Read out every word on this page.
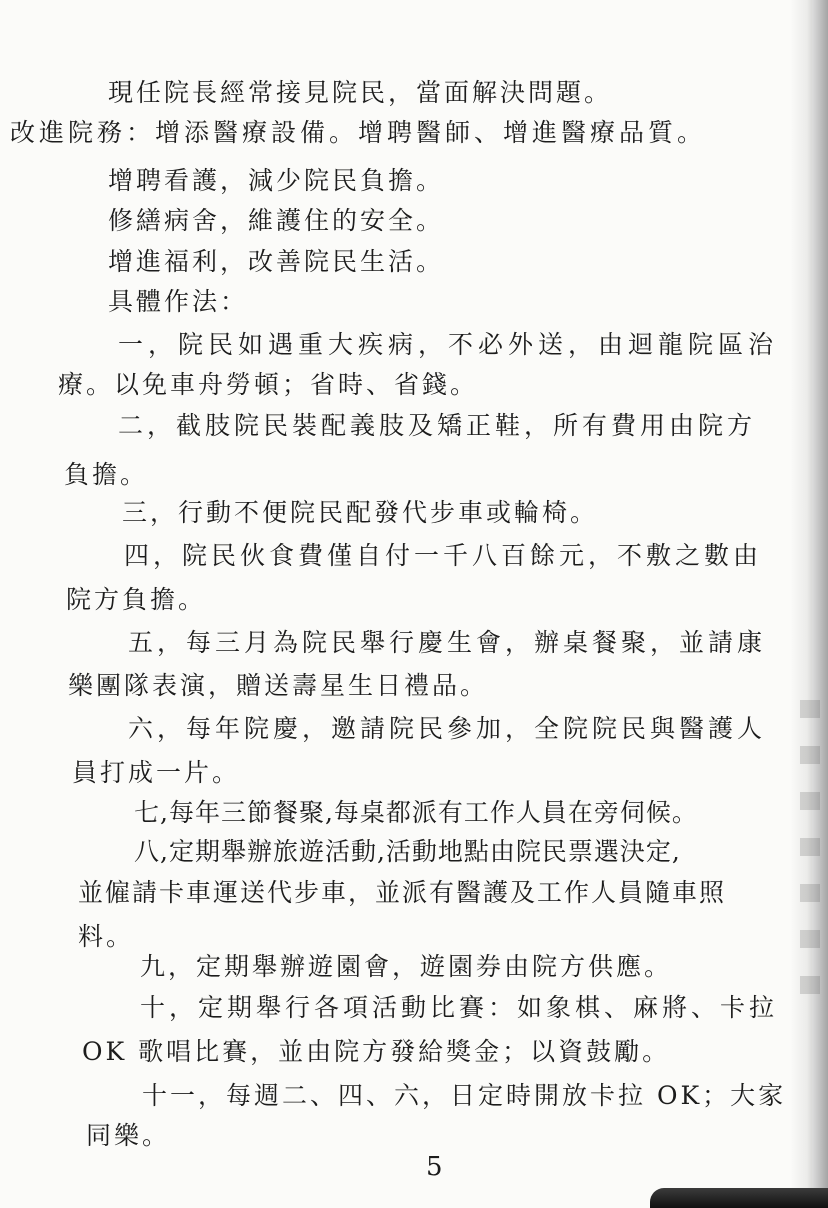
現任院長經常接見院民，當面解決問題。
改進院務：增添醫療設備。增聘醫師、增進醫療品質。
增聘看護，減少院民負擔。
修繕病舍，維護住的安全。
增進福利，改善院民生活。
具體作法：
一，院民如遇重大疾病，不必外送，由迴龍院區治
療。以免車舟勞頓；省時、省錢。
二，截肢院民裝配義肢及矯正鞋，所有費用由院方
負擔。
三，行動不便院民配發代步車或輪椅。
四，院民伙食費僅自付一千八百餘元，不敷之數由
院方負擔。
五，每三月為院民舉行慶生會，辦桌餐聚，並請康
樂團隊表演，贈送壽星生日禮品。
六，每年院慶，邀請院民參加，全院院民與醫護人
員打成一片。
七,每年三節餐聚,每桌都派有工作人員在旁伺候。
八,定期舉辦旅遊活動,活動地點由院民票選決定,
並僱請卡車運送代步車，並派有醫護及工作人員隨車照
料。
九，定期舉辦遊園會，遊園券由院方供應。
十，定期舉行各項活動比賽：如象棋、麻將、卡拉
OK 歌唱比賽，並由院方發給獎金；以資鼓勵。
十一，每週二、四、六，日定時開放卡拉 OK；大家
同樂。
5
